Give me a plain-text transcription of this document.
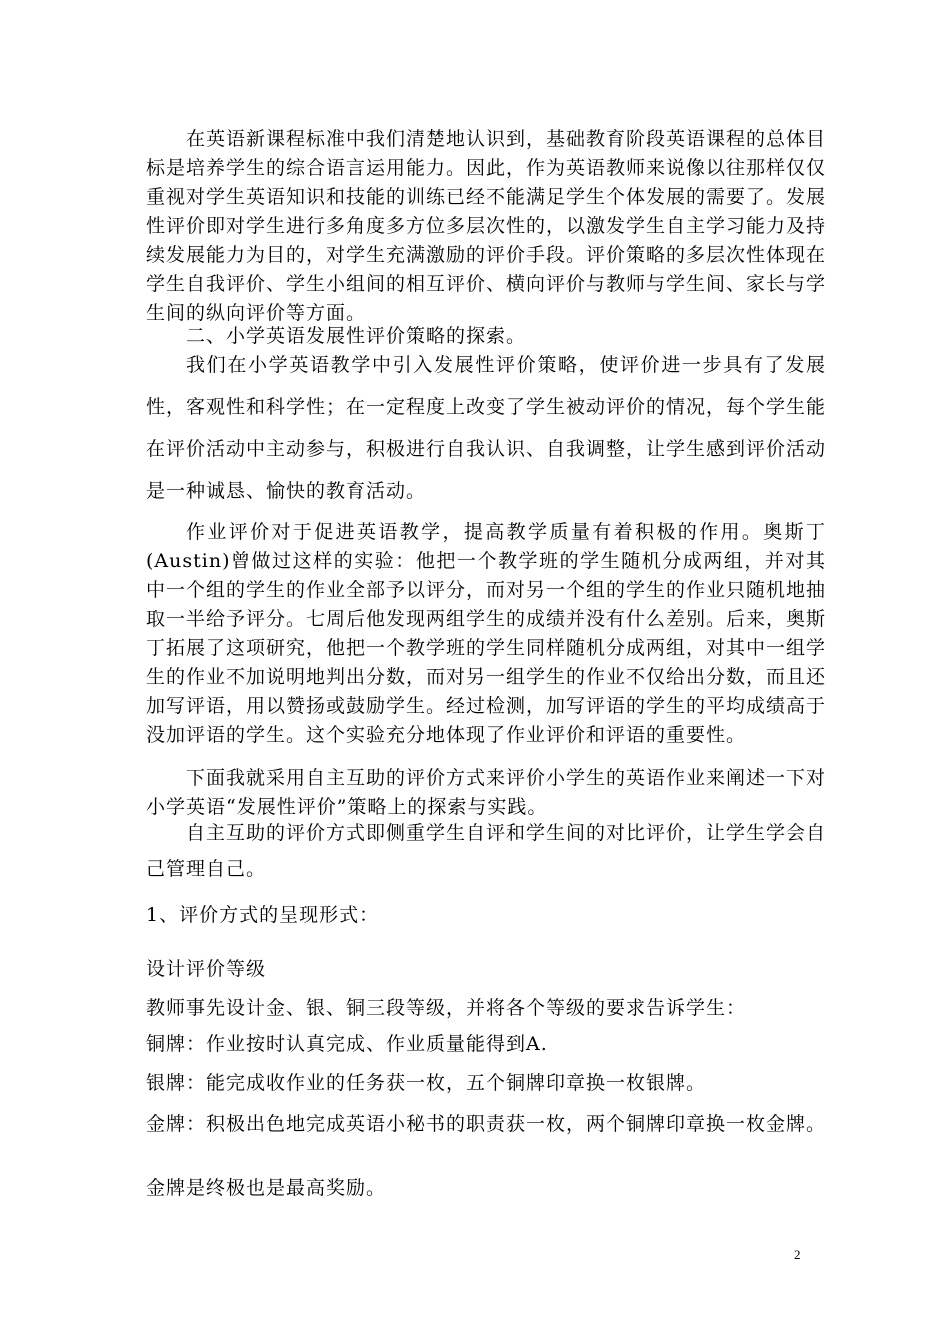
在英语新课程标准中我们清楚地认识到，基础教育阶段英语课程的总体目标是培养学生的综合语言运用能力。因此，作为英语教师来说像以往那样仅仅重视对学生英语知识和技能的训练已经不能满足学生个体发展的需要了。发展性评价即对学生进行多角度多方位多层次性的，以激发学生自主学习能力及持续发展能力为目的，对学生充满激励的评价手段。评价策略的多层次性体现在学生自我评价、学生小组间的相互评价、横向评价与教师与学生间、家长与学生间的纵向评价等方面。

二、小学英语发展性评价策略的探索。

我们在小学英语教学中引入发展性评价策略，使评价进一步具有了发展性，客观性和科学性；在一定程度上改变了学生被动评价的情况，每个学生能在评价活动中主动参与，积极进行自我认识、自我调整，让学生感到评价活动是一种诚恳、愉快的教育活动。

作业评价对于促进英语教学，提高教学质量有着积极的作用。奥斯丁(Austin)曾做过这样的实验：他把一个教学班的学生随机分成两组，并对其中一个组的学生的作业全部予以评分，而对另一个组的学生的作业只随机地抽取一半给予评分。七周后他发现两组学生的成绩并没有什么差别。后来，奥斯丁拓展了这项研究，他把一个教学班的学生同样随机分成两组，对其中一组学生的作业不加说明地判出分数，而对另一组学生的作业不仅给出分数，而且还加写评语，用以赞扬或鼓励学生。经过检测，加写评语的学生的平均成绩高于没加评语的学生。这个实验充分地体现了作业评价和评语的重要性。

下面我就采用自主互助的评价方式来评价小学生的英语作业来阐述一下对小学英语“发展性评价”策略上的探索与实践。

自主互助的评价方式即侧重学生自评和学生间的对比评价，让学生学会自己管理自己。

1、评价方式的呈现形式：

设计评价等级

教师事先设计金、银、铜三段等级，并将各个等级的要求告诉学生：

铜牌： 作业按时认真完成、作业质量能得到A.

银牌： 能完成收作业的任务获一枚，五个铜牌印章换一枚银牌。

金牌：积极出色地完成英语小秘书的职责获一枚，两个铜牌印章换一枚金牌。

金牌是终极也是最高奖励。

2
